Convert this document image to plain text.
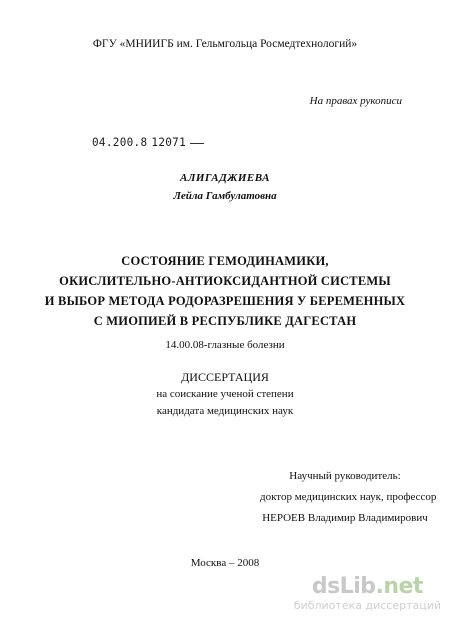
ФГУ «МНИИГБ им. Гельмгольца Росмедтехнологий»
На правах рукописи
04.200.8 12071
АЛИГАДЖИЕВА
Лейла Гамбулатовна
СОСТОЯНИЕ ГЕМОДИНАМИКИ,
ОКИСЛИТЕЛЬНО-АНТИОКСИДАНТНОЙ СИСТЕМЫ
И ВЫБОР МЕТОДА РОДОРАЗРЕШЕНИЯ У БЕРЕМЕННЫХ
С МИОПИЕЙ В РЕСПУБЛИКЕ ДАГЕСТАН
14.00.08-глазные болезни
ДИССЕРТАЦИЯ
на соискание ученой степени
кандидата медицинских наук
Научный руководитель:
доктор медицинских наук, профессор
НЕРОЕВ Владимир Владимирович
Москва – 2008
dsLib.net
библиотека диссертаций
